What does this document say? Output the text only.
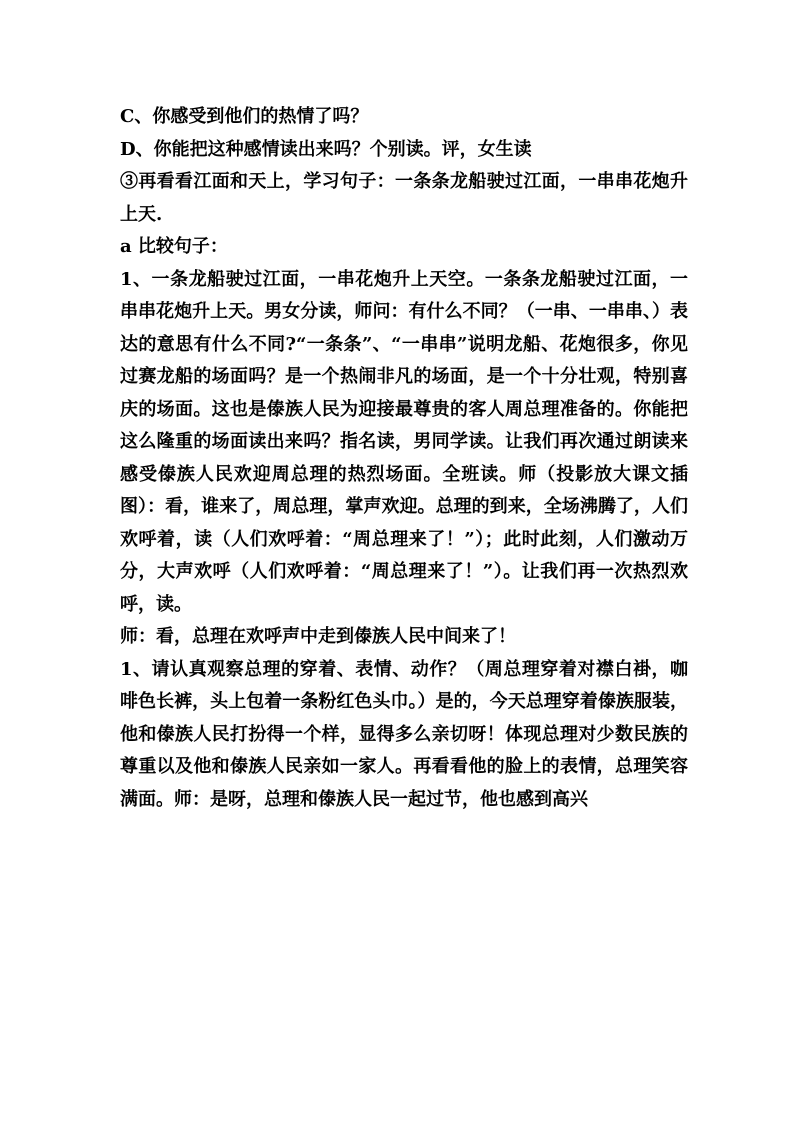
C、你感受到他们的热情了吗？

D、你能把这种感情读出来吗？个别读。评，女生读

③再看看江面和天上，学习句子：一条条龙船驶过江面，一串串花炮升上天.

a 比较句子：

1、一条龙船驶过江面，一串花炮升上天空。一条条龙船驶过江面，一串串花炮升上天。男女分读，师问：有什么不同？（一串、一串串、）表达的意思有什么不同?“一条条”、“一串串”说明龙船、花炮很多，你见过赛龙船的场面吗？是一个热闹非凡的场面，是一个十分壮观，特别喜庆的场面。这也是傣族人民为迎接最尊贵的客人周总理准备的。你能把这么隆重的场面读出来吗？指名读，男同学读。让我们再次通过朗读来感受傣族人民欢迎周总理的热烈场面。全班读。师（投影放大课文插图）：看，谁来了，周总理，掌声欢迎。总理的到来，全场沸腾了，人们欢呼着，读（人们欢呼着：“周总理来了！”）；此时此刻，人们激动万分，大声欢呼（人们欢呼着：“周总理来了！”）。让我们再一次热烈欢呼，读。

师：看，总理在欢呼声中走到傣族人民中间来了！

1、请认真观察总理的穿着、表情、动作？（周总理穿着对襟白褂，咖啡色长裤，头上包着一条粉红色头巾。）是的，今天总理穿着傣族服装，他和傣族人民打扮得一个样，显得多么亲切呀！体现总理对少数民族的尊重以及他和傣族人民亲如一家人。再看看他的脸上的表情，总理笑容满面。师：是呀，总理和傣族人民一起过节，他也感到高兴
